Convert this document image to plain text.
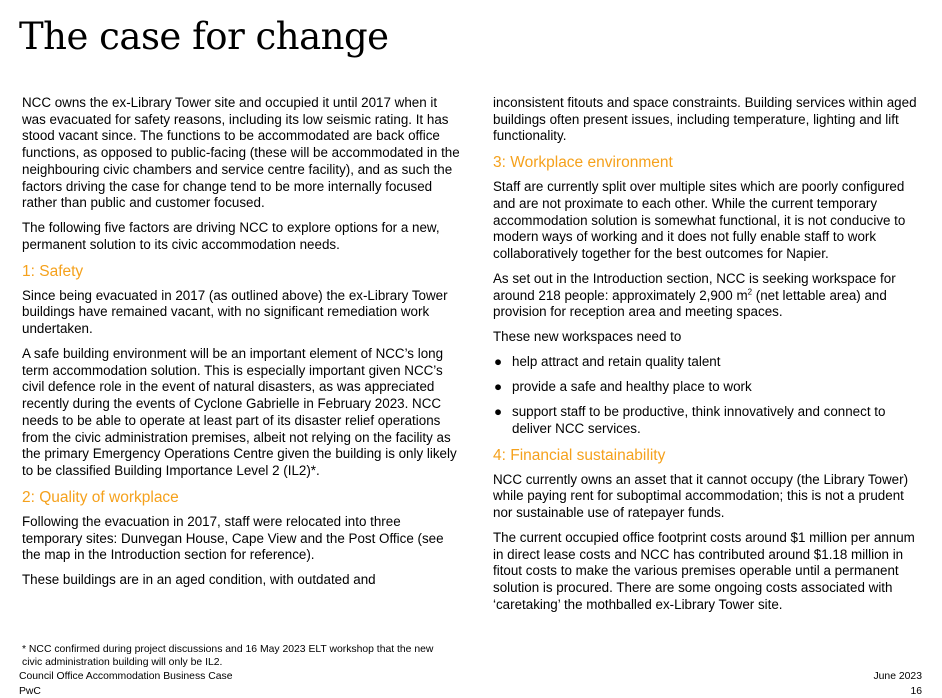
The case for change

NCC owns the ex-Library Tower site and occupied it until 2017 when it was evacuated for safety reasons, including its low seismic rating. It has stood vacant since. The functions to be accommodated are back office functions, as opposed to public-facing (these will be accommodated in the neighbouring civic chambers and service centre facility), and as such the factors driving the case for change tend to be more internally focused rather than public and customer focused.

The following five factors are driving NCC to explore options for a new, permanent solution to its civic accommodation needs.

1: Safety

Since being evacuated in 2017 (as outlined above) the ex-Library Tower buildings have remained vacant, with no significant remediation work undertaken.

A safe building environment will be an important element of NCC’s long term accommodation solution. This is especially important given NCC’s civil defence role in the event of natural disasters, as was appreciated recently during the events of Cyclone Gabrielle in February 2023. NCC needs to be able to operate at least part of its disaster relief operations from the civic administration premises, albeit not relying on the facility as the primary Emergency Operations Centre given the building is only likely to be classified Building Importance Level 2 (IL2)*.

2: Quality of workplace

Following the evacuation in 2017, staff were relocated into three temporary sites: Dunvegan House, Cape View and the Post Office (see the map in the Introduction section for reference).

These buildings are in an aged condition, with outdated and

inconsistent fitouts and space constraints. Building services within aged buildings often present issues, including temperature, lighting and lift functionality.

3: Workplace environment

Staff are currently split over multiple sites which are poorly configured and are not proximate to each other. While the current temporary accommodation solution is somewhat functional, it is not conducive to modern ways of working and it does not fully enable staff to work collaboratively together for the best outcomes for Napier.

As set out in the Introduction section, NCC is seeking workspace for around 218 people: approximately 2,900 $m^2$ (net lettable area) and provision for reception area and meeting spaces.

These new workspaces need to

● help attract and retain quality talent
● provide a safe and healthy place to work
● support staff to be productive, think innovatively and connect to deliver NCC services.
4: Financial sustainability

NCC currently owns an asset that it cannot occupy (the Library Tower) while paying rent for suboptimal accommodation; this is not a prudent nor sustainable use of ratepayer funds.

The current occupied office footprint costs around $1 million per annum in direct lease costs and NCC has contributed around $1.18 million in fitout costs to make the various premises operable until a permanent solution is procured. There are some ongoing costs associated with ‘caretaking’ the mothballed ex-Library Tower site.

* NCC confirmed during project discussions and 16 May 2023 ELT workshop that the new civic administration building will only be IL2.
Council Office Accommodation Business Case	June 2023
PwC	16
